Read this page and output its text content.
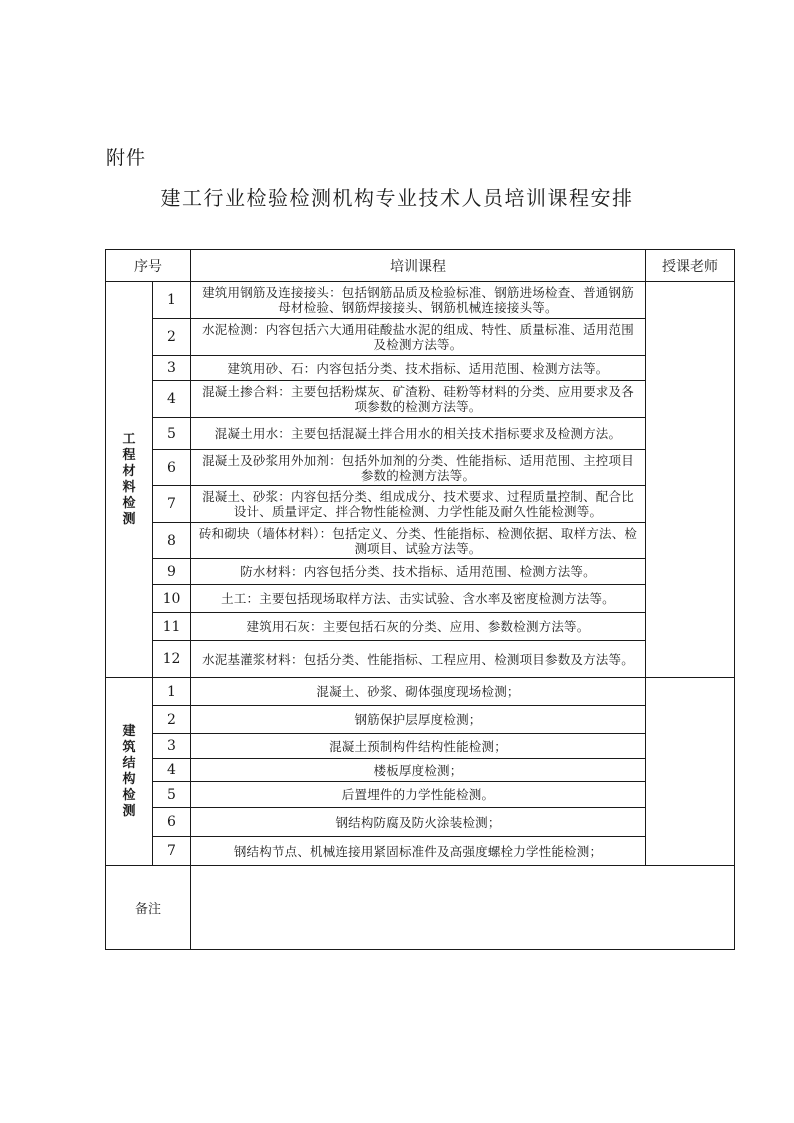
附件
建工行业检验检测机构专业技术人员培训课程安排
序号		培训课程	授课老师
工程材料检测	1	建筑用钢筋及连接接头：包括钢筋品质及检验标准、钢筋进场检查、普通钢筋母材检验、钢筋焊接接头、钢筋机械连接接头等。	
	2	水泥检测：内容包括六大通用硅酸盐水泥的组成、特性、质量标准、适用范围及检测方法等。	
	3	建筑用砂、石：内容包括分类、技术指标、适用范围、检测方法等。	
	4	混凝土掺合料：主要包括粉煤灰、矿渣粉、硅粉等材料的分类、应用要求及各项参数的检测方法等。	
	5	混凝土用水：主要包括混凝土拌合用水的相关技术指标要求及检测方法。	
	6	混凝土及砂浆用外加剂：包括外加剂的分类、性能指标、适用范围、主控项目参数的检测方法等。	
	7	混凝土、砂浆：内容包括分类、组成成分、技术要求、过程质量控制、配合比设计、质量评定、拌合物性能检测、力学性能及耐久性能检测等。	
	8	砖和砌块（墙体材料）：包括定义、分类、性能指标、检测依据、取样方法、检测项目、试验方法等。	
	9	防水材料：内容包括分类、技术指标、适用范围、检测方法等。	
	10	土工：主要包括现场取样方法、击实试验、含水率及密度检测方法等。	
	11	建筑用石灰：主要包括石灰的分类、应用、参数检测方法等。	
	12	水泥基灌浆材料：包括分类、性能指标、工程应用、检测项目参数及方法等。	
建筑结构检测	1	混凝土、砂浆、砌体强度现场检测；	
	2	钢筋保护层厚度检测；	
	3	混凝土预制构件结构性能检测；	
	4	楼板厚度检测；	
	5	后置埋件的力学性能检测。	
	6	钢结构防腐及防火涂装检测；	
	7	钢结构节点、机械连接用紧固标准件及高强度螺栓力学性能检测；	
备注			
